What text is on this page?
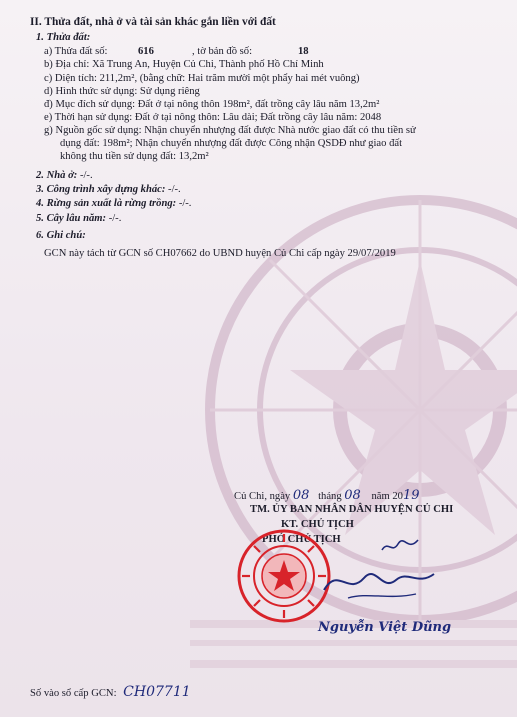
II. Thửa đất, nhà ở và tài sản khác gắn liền với đất
1. Thửa đất:
a) Thửa đất số:	616	, tờ bản đồ số:	18
b) Địa chỉ: Xã Trung An, Huyện Củ Chi, Thành phố Hồ Chí Minh
c) Diện tích: 211,2m², (bằng chữ: Hai trăm mười một phẩy hai mét vuông)
d) Hình thức sử dụng: Sử dụng riêng
đ) Mục đích sử dụng: Đất ở tại nông thôn 198m², đất trồng cây lâu năm 13,2m²
e) Thời hạn sử dụng: Đất ở tại nông thôn: Lâu dài; Đất trồng cây lâu năm: 2048
g) Nguồn gốc sử dụng: Nhận chuyển nhượng đất được Nhà nước giao đất có thu tiền sử
dụng đất: 198m²; Nhận chuyển nhượng đất được Công nhận QSDĐ như giao đất
không thu tiền sử dụng đất: 13,2m²
2. Nhà ở: -/-.
3. Công trình xây dựng khác: -/-.
4. Rừng sản xuất là rừng trồng: -/-.
5. Cây lâu năm: -/-.
6. Ghi chú:
GCN này tách từ GCN số CH07662 do UBND huyện Củ Chi cấp ngày 29/07/2019
Củ Chi, ngày 08 tháng 08 năm 2019
TM. ỦY BAN NHÂN DÂN HUYỆN CỦ CHI
KT. CHỦ TỊCH
PHÓ CHỦ TỊCH
Nguyễn Việt Dũng
Số vào sổ cấp GCN: CH07711
